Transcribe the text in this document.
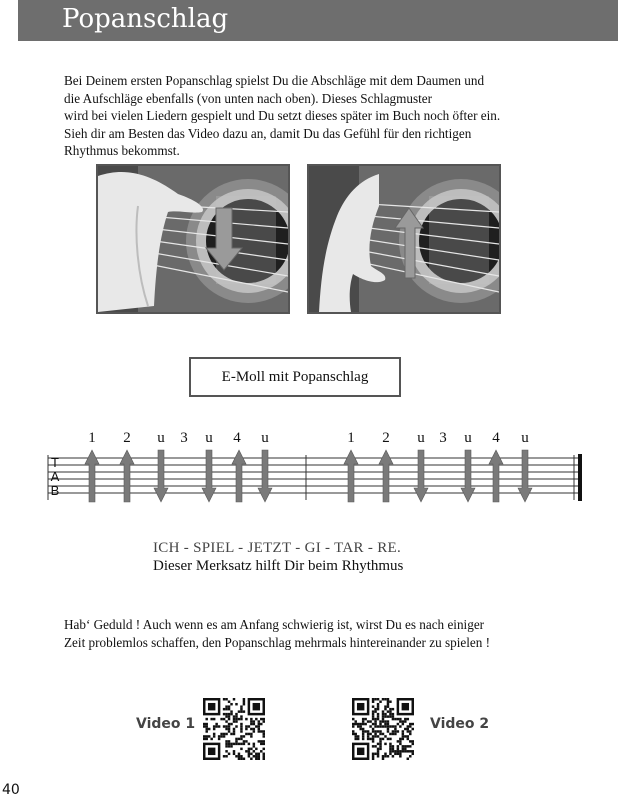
Popanschlag
Bei Deinem ersten Popanschlag spielst Du die Abschläge mit dem Daumen und
die Aufschläge ebenfalls (von unten nach oben). Dieses Schlagmuster
wird bei vielen Liedern gespielt und Du setzt dieses später im Buch noch öfter ein.
Sieh dir am Besten das Video dazu an, damit Du das Gefühl für den richtigen
Rhythmus bekommst.
E-Moll mit Popanschlag
1 2 u 3 u 4 u	1 2 u 3 u 4 u
T
A
B
ICH - SPIEL - JETZT - GI - TAR - RE.
Dieser Merksatz hilft Dir beim Rhythmus
Hab‘ Geduld ! Auch wenn es am Anfang schwierig ist, wirst Du es nach einiger
Zeit problemlos schaffen, den Popanschlag mehrmals hintereinander zu spielen !
Video 1	Video 2
40
